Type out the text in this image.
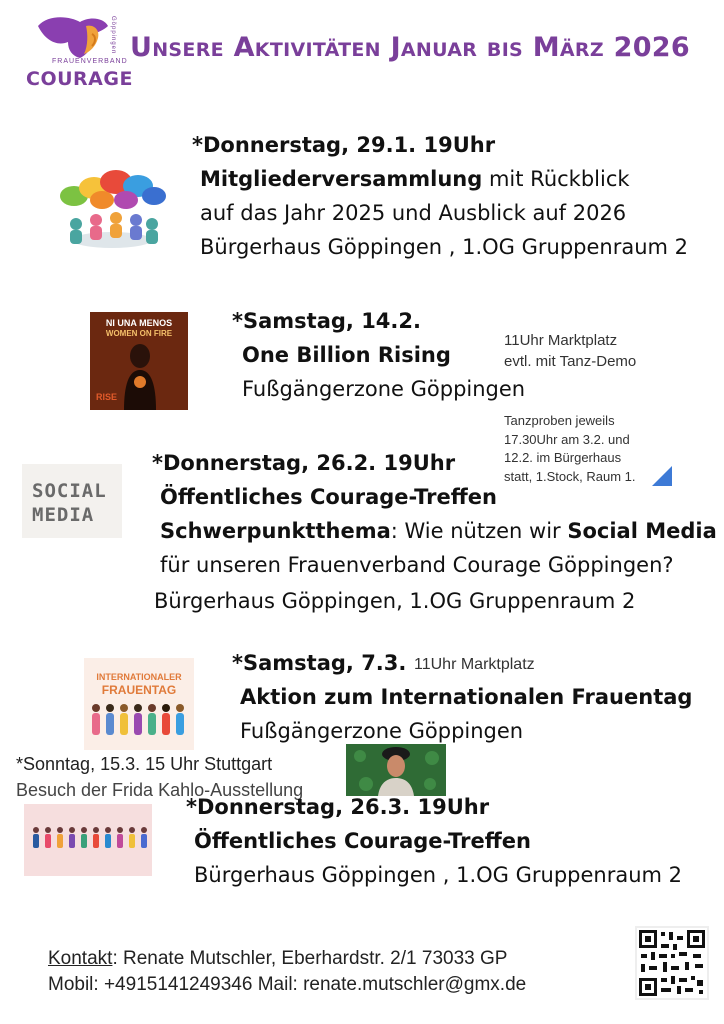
FRAUENVERBAND
COURAGE
Göppingen Unsere Aktivitäten Januar bis März 2026
*Donnerstag, 29.1. 19Uhr
Mitgliederversammlung mit Rückblick
auf das Jahr 2025 und Ausblick auf 2026
Bürgerhaus Göppingen , 1.OG Gruppenraum 2
NI UNA MENOS
WOMEN ON FIRE
RISE
*Samstag, 14.2.
One Billion Rising
Fußgängerzone Göppingen
11Uhr Marktplatz
evtl. mit Tanz-Demo
Tanzproben jeweils
17.30Uhr am 3.2. und
12.2. im Bürgerhaus
statt, 1.Stock, Raum 1.
SOCIAL
MEDIA
*Donnerstag, 26.2. 19Uhr
Öffentliches Courage-Treffen
Schwerpunktthema: Wie nützen wir Social Media
für unseren Frauenverband Courage Göppingen?
Bürgerhaus Göppingen, 1.OG Gruppenraum 2
INTERNATIONALER
FRAUENTAG
*Samstag, 7.3. 11Uhr Marktplatz
Aktion zum Internationalen Frauentag
Fußgängerzone Göppingen
*Sonntag, 15.3. 15 Uhr Stuttgart
Besuch der Frida Kahlo-Ausstellung
*Donnerstag, 26.3. 19Uhr
Öffentliches Courage-Treffen
Bürgerhaus Göppingen , 1.OG Gruppenraum 2
Kontakt: Renate Mutschler, Eberhardstr. 2/1 73033 GP
Mobil: +4915141249346 Mail: renate.mutschler@gmx.de
